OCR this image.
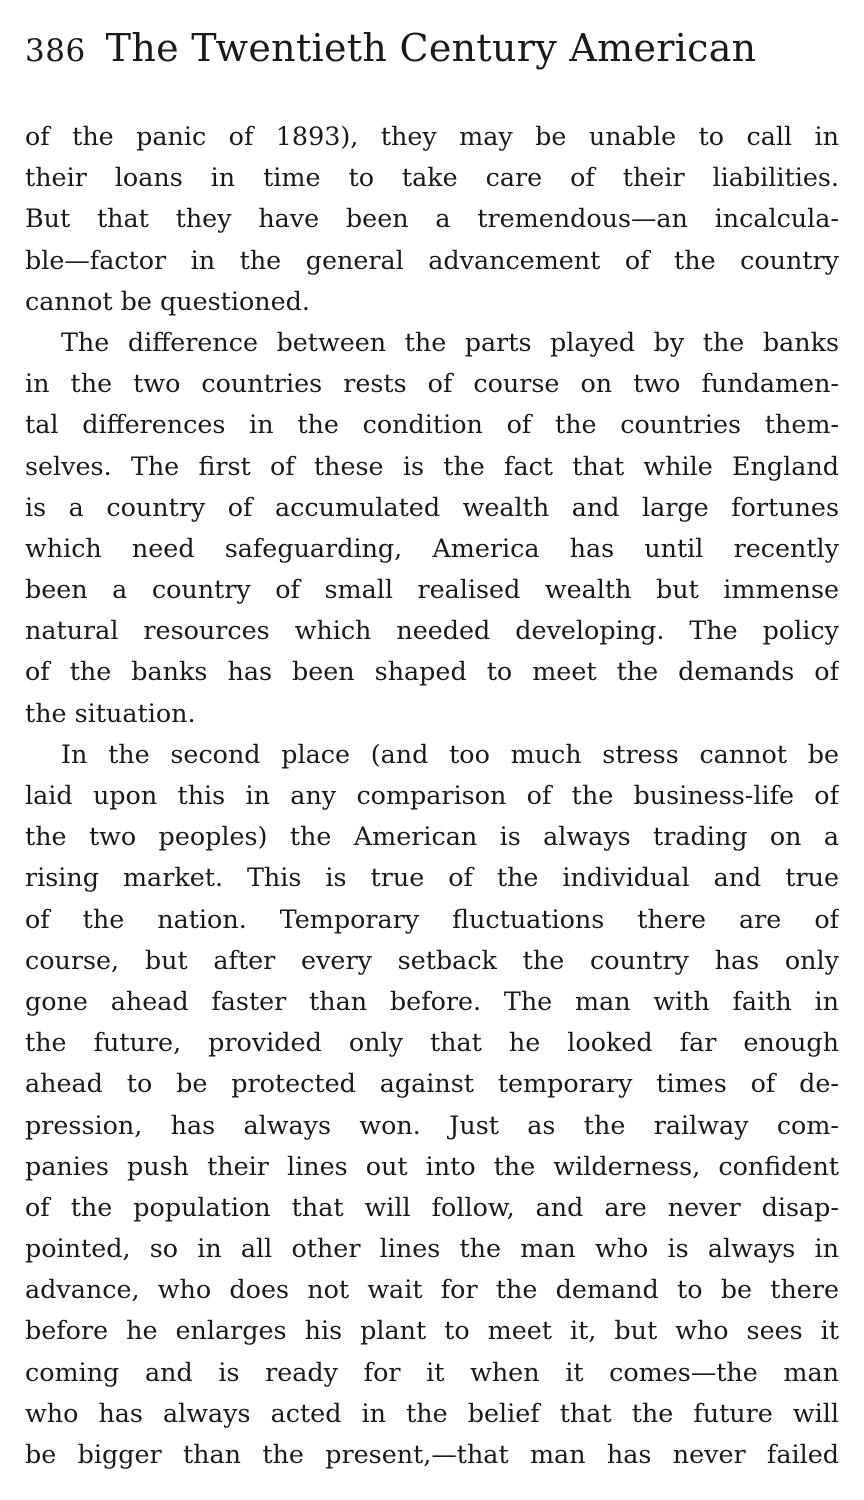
386 The Twentieth Century American
of the panic of 1893), they may be unable to call in
their loans in time to take care of their liabilities.
But that they have been a tremendous—an incalcula-
ble—factor in the general advancement of the country
cannot be questioned.
The difference between the parts played by the banks
in the two countries rests of course on two fundamen-
tal differences in the condition of the countries them-
selves. The first of these is the fact that while England
is a country of accumulated wealth and large fortunes
which need safeguarding, America has until recently
been a country of small realised wealth but immense
natural resources which needed developing. The policy
of the banks has been shaped to meet the demands of
the situation.
In the second place (and too much stress cannot be
laid upon this in any comparison of the business-life of
the two peoples) the American is always trading on a
rising market. This is true of the individual and true
of the nation. Temporary fluctuations there are of
course, but after every setback the country has only
gone ahead faster than before. The man with faith in
the future, provided only that he looked far enough
ahead to be protected against temporary times of de-
pression, has always won. Just as the railway com-
panies push their lines out into the wilderness, confident
of the population that will follow, and are never disap-
pointed, so in all other lines the man who is always in
advance, who does not wait for the demand to be there
before he enlarges his plant to meet it, but who sees it
coming and is ready for it when it comes—the man
who has always acted in the belief that the future will
be bigger than the present,—that man has never failed
